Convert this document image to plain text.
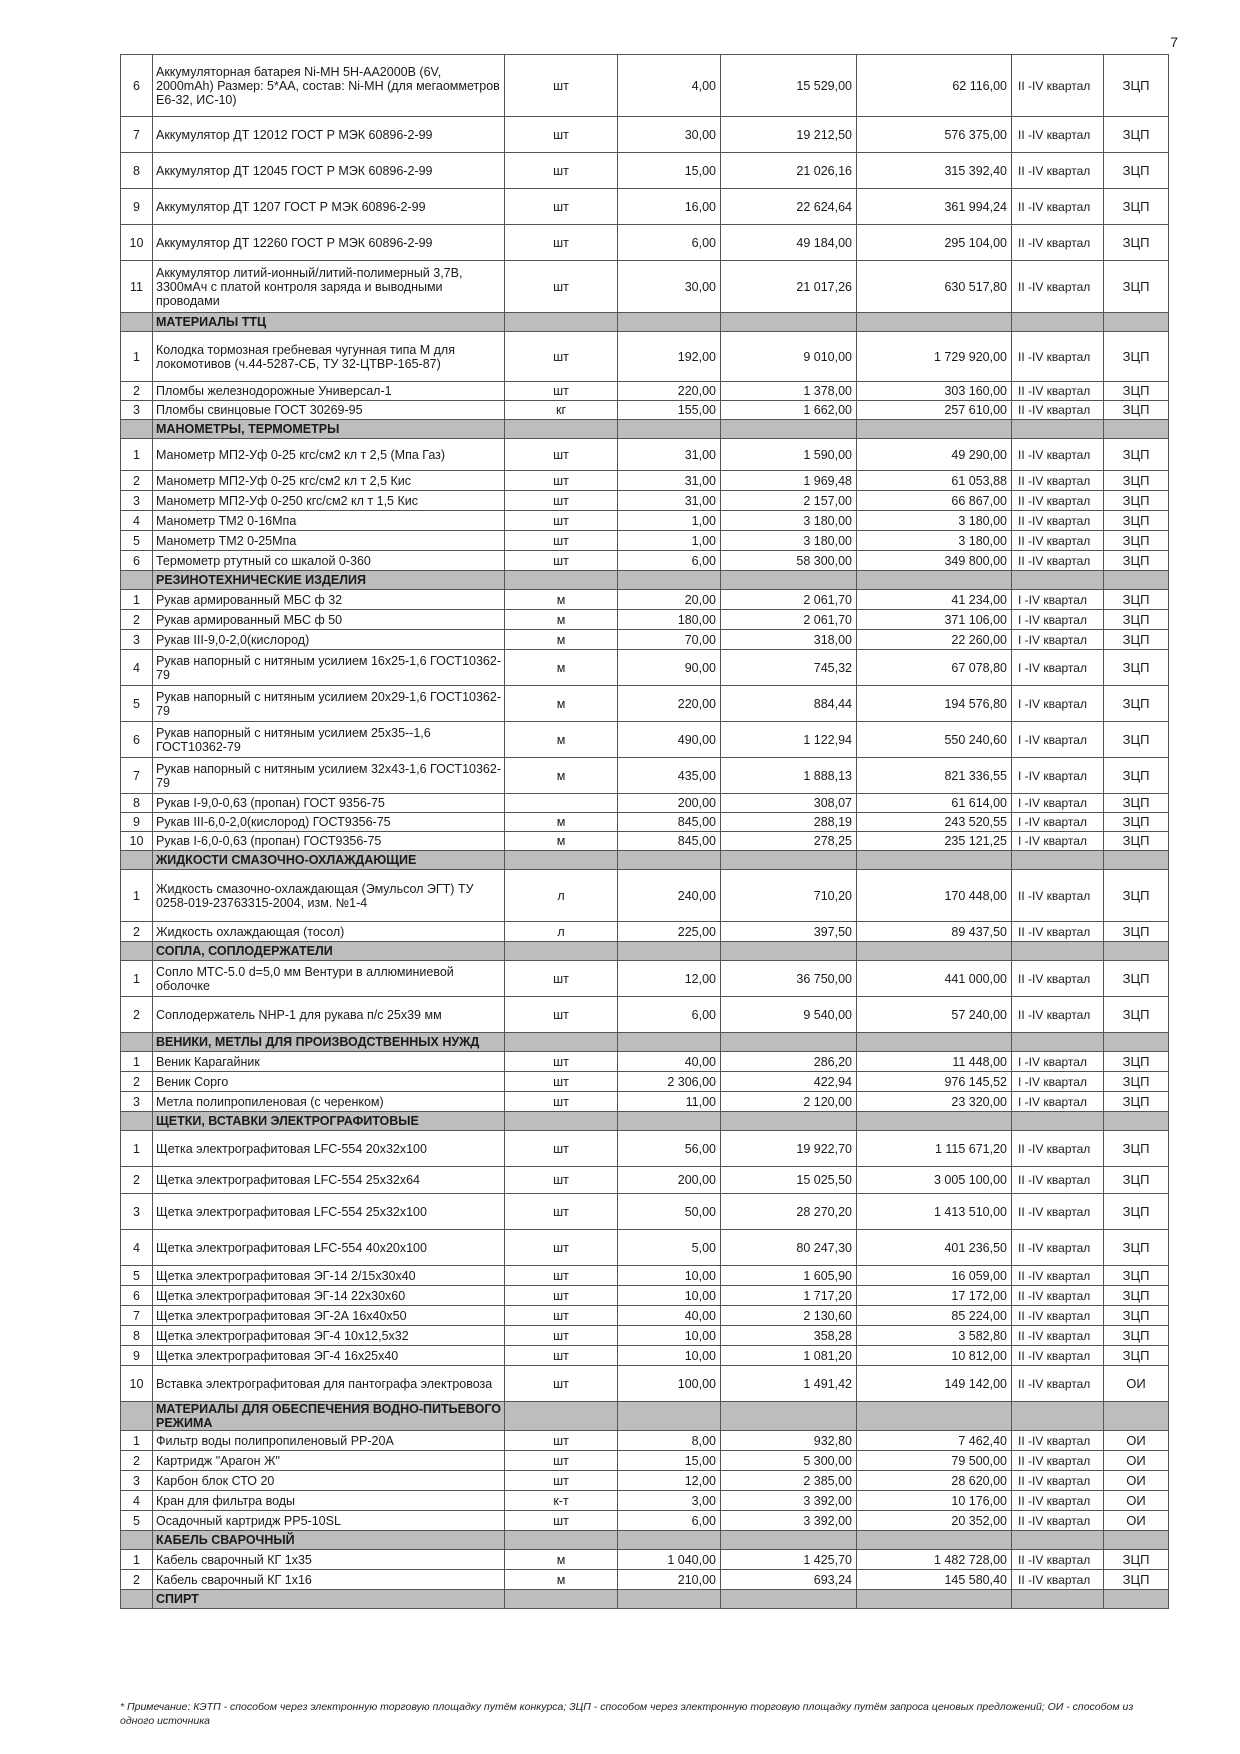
7
6	Аккумуляторная батарея Ni-MH 5H-AA2000B (6V, 2000mAh) Размер: 5*АА, состав: Ni-MH (для мегаомметров Е6-32, ИС-10)	шт	4,00	15 529,00	62 116,00	II -IV квартал	ЗЦП
7	Аккумулятор ДТ 12012 ГОСТ Р МЭК 60896-2-99	шт	30,00	19 212,50	576 375,00	II -IV квартал	ЗЦП
8	Аккумулятор ДТ 12045 ГОСТ Р МЭК 60896-2-99	шт	15,00	21 026,16	315 392,40	II -IV квартал	ЗЦП
9	Аккумулятор ДТ 1207 ГОСТ Р МЭК 60896-2-99	шт	16,00	22 624,64	361 994,24	II -IV квартал	ЗЦП
10	Аккумулятор ДТ 12260 ГОСТ Р МЭК 60896-2-99	шт	6,00	49 184,00	295 104,00	II -IV квартал	ЗЦП
11	Аккумулятор литий-ионный/литий-полимерный 3,7В, 3300мАч с платой контроля заряда и выводными проводами	шт	30,00	21 017,26	630 517,80	II -IV квартал	ЗЦП
	МАТЕРИАЛЫ ТТЦ						
1	Колодка тормозная гребневая чугунная типа М для локомотивов (ч.44-5287-СБ, ТУ 32-ЦТВР-165-87)	шт	192,00	9 010,00	1 729 920,00	II -IV квартал	ЗЦП
2	Пломбы железнодорожные Универсал-1	шт	220,00	1 378,00	303 160,00	II -IV квартал	ЗЦП
3	Пломбы свинцовые ГОСТ 30269-95	кг	155,00	1 662,00	257 610,00	II -IV квартал	ЗЦП
	МАНОМЕТРЫ, ТЕРМОМЕТРЫ						
1	Манометр МП2-Уф 0-25 кгс/см2 кл т 2,5 (Мпа Газ)	шт	31,00	1 590,00	49 290,00	II -IV квартал	ЗЦП
2	Манометр МП2-Уф 0-25 кгс/см2 кл т 2,5 Кис	шт	31,00	1 969,48	61 053,88	II -IV квартал	ЗЦП
3	Манометр МП2-Уф 0-250 кгс/см2 кл т 1,5 Кис	шт	31,00	2 157,00	66 867,00	II -IV квартал	ЗЦП
4	Манометр ТМ2 0-16Мпа	шт	1,00	3 180,00	3 180,00	II -IV квартал	ЗЦП
5	Манометр ТМ2 0-25Мпа	шт	1,00	3 180,00	3 180,00	II -IV квартал	ЗЦП
6	Термометр ртутный со шкалой 0-360	шт	6,00	58 300,00	349 800,00	II -IV квартал	ЗЦП
	РЕЗИНОТЕХНИЧЕСКИЕ ИЗДЕЛИЯ						
1	Рукав армированный МБС ф 32	м	20,00	2 061,70	41 234,00	I -IV квартал	ЗЦП
2	Рукав армированный МБС ф 50	м	180,00	2 061,70	371 106,00	I -IV квартал	ЗЦП
3	Рукав III-9,0-2,0(кислород)	м	70,00	318,00	22 260,00	I -IV квартал	ЗЦП
4	Рукав напорный с нитяным усилием 16х25-1,6 ГОСТ10362-79	м	90,00	745,32	67 078,80	I -IV квартал	ЗЦП
5	Рукав напорный с нитяным усилием 20х29-1,6 ГОСТ10362-79	м	220,00	884,44	194 576,80	I -IV квартал	ЗЦП
6	Рукав напорный с нитяным усилием 25х35--1,6 ГОСТ10362-79	м	490,00	1 122,94	550 240,60	I -IV квартал	ЗЦП
7	Рукав напорный с нитяным усилием 32х43-1,6 ГОСТ10362-79	м	435,00	1 888,13	821 336,55	I -IV квартал	ЗЦП
8	Рукав I-9,0-0,63 (пропан) ГОСТ 9356-75		200,00	308,07	61 614,00	I -IV квартал	ЗЦП
9	Рукав III-6,0-2,0(кислород) ГОСТ9356-75	м	845,00	288,19	243 520,55	I -IV квартал	ЗЦП
10	Рукав I-6,0-0,63 (пропан) ГОСТ9356-75	м	845,00	278,25	235 121,25	I -IV квартал	ЗЦП
	ЖИДКОСТИ СМАЗОЧНО-ОХЛАЖДАЮЩИЕ						
1	Жидкость смазочно-охлаждающая (Эмульсол ЭГТ) ТУ 0258-019-23763315-2004, изм. №1-4	л	240,00	710,20	170 448,00	II -IV квартал	ЗЦП
2	Жидкость охлаждающая (тосол)	л	225,00	397,50	89 437,50	II -IV квартал	ЗЦП
	СОПЛА, СОПЛОДЕРЖАТЕЛИ						
1	Сопло МТС-5.0 d=5,0 мм Вентури в аллюминиевой оболочке	шт	12,00	36 750,00	441 000,00	II -IV квартал	ЗЦП
2	Соплодержатель NHP-1 для рукава п/с 25х39 мм	шт	6,00	9 540,00	57 240,00	II -IV квартал	ЗЦП
	ВЕНИКИ, МЕТЛЫ ДЛЯ ПРОИЗВОДСТВЕННЫХ НУЖД						
1	Веник Карагайник	шт	40,00	286,20	11 448,00	I -IV квартал	ЗЦП
2	Веник Сорго	шт	2 306,00	422,94	976 145,52	I -IV квартал	ЗЦП
3	Метла полипропиленовая (с черенком)	шт	11,00	2 120,00	23 320,00	I -IV квартал	ЗЦП
	ЩЕТКИ, ВСТАВКИ ЭЛЕКТРОГРАФИТОВЫЕ						
1	Щетка электрографитовая LFC-554 20х32х100	шт	56,00	19 922,70	1 115 671,20	II -IV квартал	ЗЦП
2	Щетка электрографитовая LFC-554 25х32х64	шт	200,00	15 025,50	3 005 100,00	II -IV квартал	ЗЦП
3	Щетка электрографитовая LFC-554 25х32х100	шт	50,00	28 270,20	1 413 510,00	II -IV квартал	ЗЦП
4	Щетка электрографитовая LFC-554 40х20х100	шт	5,00	80 247,30	401 236,50	II -IV квартал	ЗЦП
5	Щетка электрографитовая ЭГ-14 2/15х30х40	шт	10,00	1 605,90	16 059,00	II -IV квартал	ЗЦП
6	Щетка электрографитовая ЭГ-14 22х30х60	шт	10,00	1 717,20	17 172,00	II -IV квартал	ЗЦП
7	Щетка электрографитовая ЭГ-2А 16х40х50	шт	40,00	2 130,60	85 224,00	II -IV квартал	ЗЦП
8	Щетка электрографитовая ЭГ-4 10х12,5х32	шт	10,00	358,28	3 582,80	II -IV квартал	ЗЦП
9	Щетка электрографитовая ЭГ-4 16х25х40	шт	10,00	1 081,20	10 812,00	II -IV квартал	ЗЦП
10	Вставка электрографитовая для пантографа электровоза	шт	100,00	1 491,42	149 142,00	II -IV квартал	ОИ
	МАТЕРИАЛЫ ДЛЯ ОБЕСПЕЧЕНИЯ ВОДНО-ПИТЬЕВОГО РЕЖИМА						
1	Фильтр воды полипропиленовый PP-20A	шт	8,00	932,80	7 462,40	II -IV квартал	ОИ
2	Картридж "Арагон Ж"	шт	15,00	5 300,00	79 500,00	II -IV квартал	ОИ
3	Карбон блок СТО 20	шт	12,00	2 385,00	28 620,00	II -IV квартал	ОИ
4	Кран для фильтра воды	к-т	3,00	3 392,00	10 176,00	II -IV квартал	ОИ
5	Осадочный картридж PP5-10SL	шт	6,00	3 392,00	20 352,00	II -IV квартал	ОИ
	КАБЕЛЬ СВАРОЧНЫЙ						
1	Кабель сварочный КГ 1х35	м	1 040,00	1 425,70	1 482 728,00	II -IV квартал	ЗЦП
2	Кабель сварочный КГ 1х16	м	210,00	693,24	145 580,40	II -IV квартал	ЗЦП
	СПИРТ						
* Примечание: КЭТП - способом через электронную торговую площадку путём конкурса; ЗЦП - способом через электронную торговую площадку путём запроса ценовых предложений; ОИ - способом из одного источника
